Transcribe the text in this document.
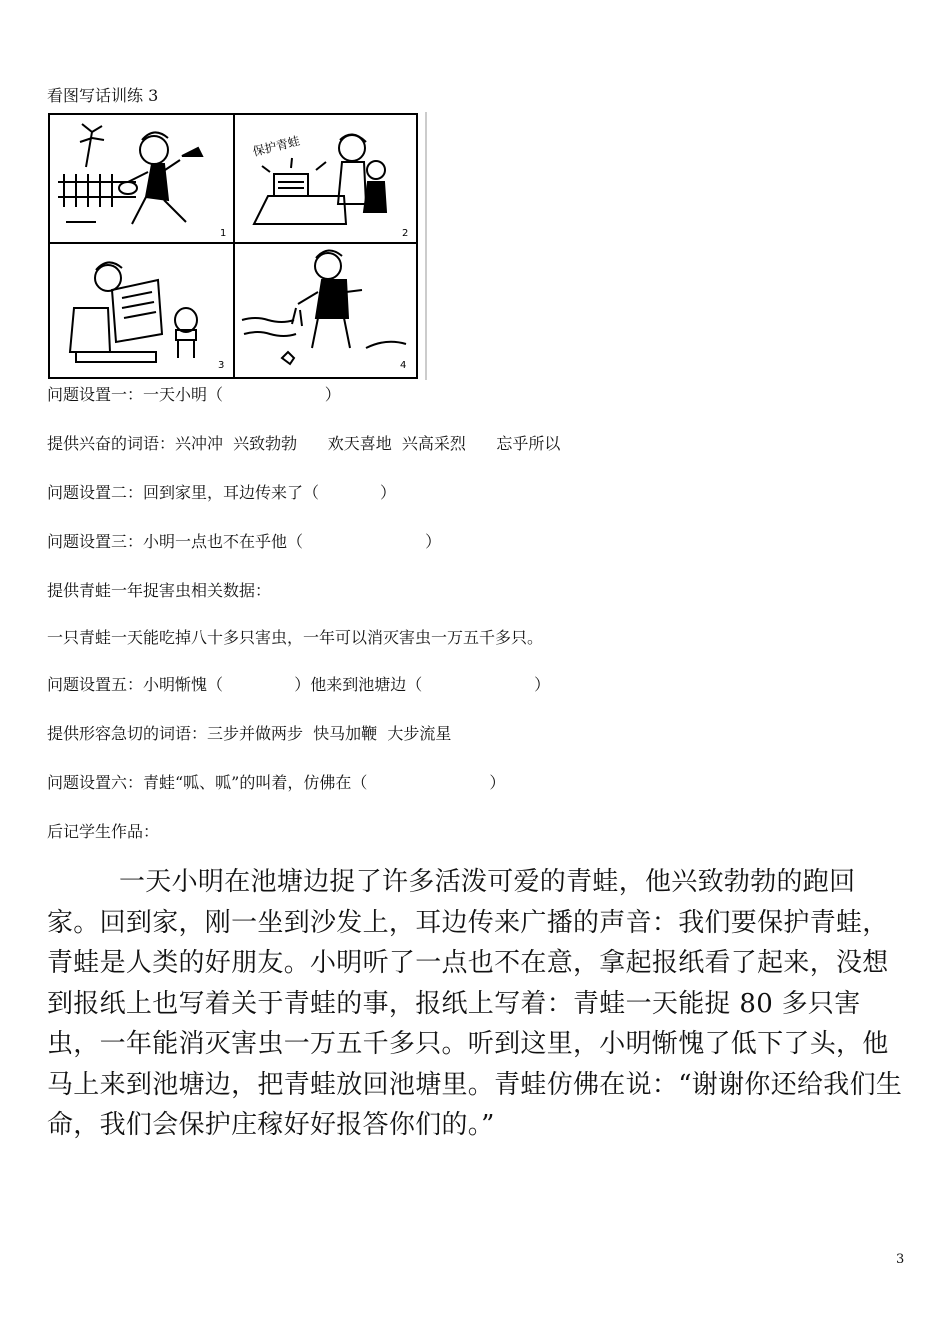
看图写话训练 3
1
保护青蛙
2
3	4
问题设置一：一天小明（                    ）
提供兴奋的词语：兴冲冲  兴致勃勃      欢天喜地  兴高采烈      忘乎所以
问题设置二：回到家里，耳边传来了（            ）
问题设置三：小明一点也不在乎他（                        ）
提供青蛙一年捉害虫相关数据：
一只青蛙一天能吃掉八十多只害虫，一年可以消灭害虫一万五千多只。
问题设置五：小明惭愧（              ）他来到池塘边（                      ）
提供形容急切的词语：三步并做两步  快马加鞭  大步流星
问题设置六：青蛙“呱、呱”的叫着，仿佛在（                        ）
后记学生作品：

一天小明在池塘边捉了许多活泼可爱的青蛙，他兴致勃勃的跑回家。回到家，刚一坐到沙发上，耳边传来广播的声音：我们要保护青蛙，青蛙是人类的好朋友。小明听了一点也不在意，拿起报纸看了起来，没想到报纸上也写着关于青蛙的事，报纸上写着：青蛙一天能捉 80 多只害虫，一年能消灭害虫一万五千多只。听到这里，小明惭愧了低下了头，他马上来到池塘边，把青蛙放回池塘里。青蛙仿佛在说：“谢谢你还给我们生命，我们会保护庄稼好好报答你们的。”

3
